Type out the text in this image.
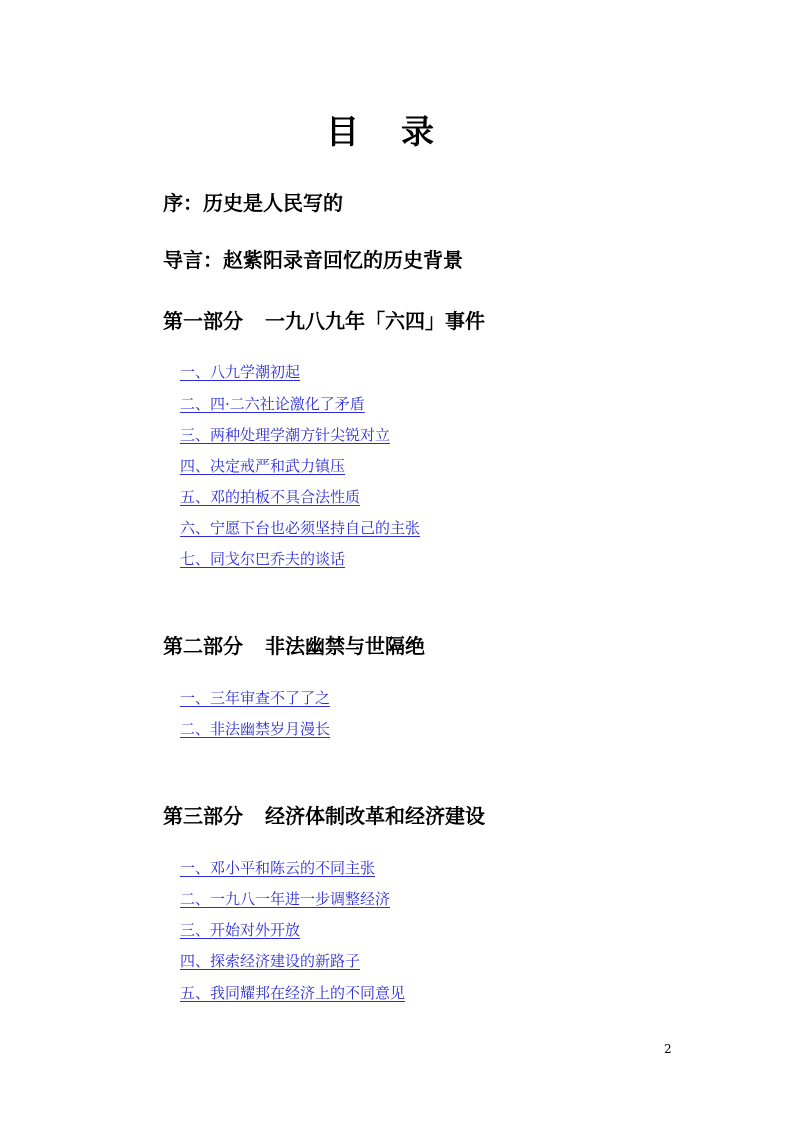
目 录
序：历史是人民写的
导言：赵紫阳录音回忆的历史背景
第一部分 一九八九年「六四」事件
一、八九学潮初起
二、四·二六社论激化了矛盾
三、两种处理学潮方针尖锐对立
四、决定戒严和武力镇压
五、邓的拍板不具合法性质
六、宁愿下台也必须坚持自己的主张
七、同戈尔巴乔夫的谈话
第二部分 非法幽禁与世隔绝
一、三年审查不了了之
二、非法幽禁岁月漫长
第三部分 经济体制改革和经济建设
一、邓小平和陈云的不同主张
二、一九八一年进一步调整经济
三、开始对外开放
四、探索经济建设的新路子
五、我同耀邦在经济上的不同意见
2
